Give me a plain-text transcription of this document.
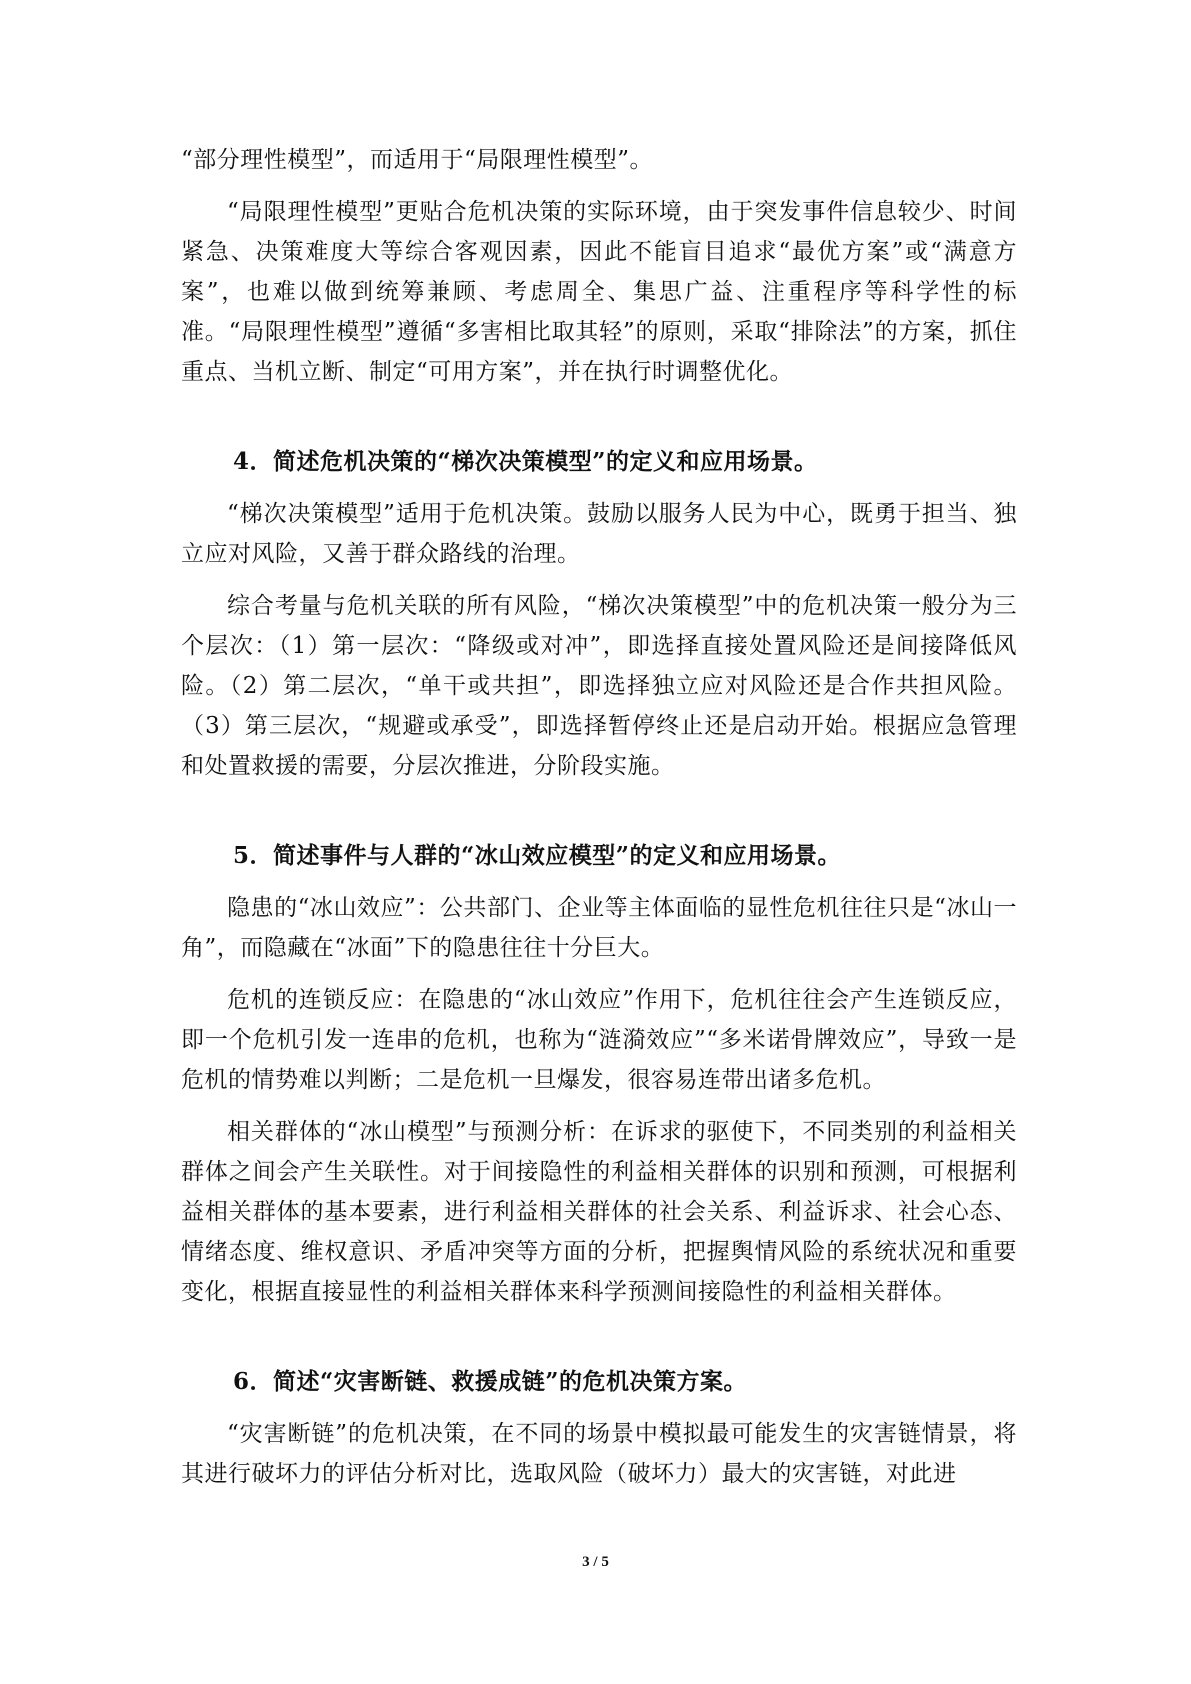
“部分理性模型”，而适用于“局限理性模型”。

“局限理性模型”更贴合危机决策的实际环境，由于突发事件信息较少、时间紧急、决策难度大等综合客观因素，因此不能盲目追求“最优方案”或“满意方案”，也难以做到统筹兼顾、考虑周全、集思广益、注重程序等科学性的标准。“局限理性模型”遵循“多害相比取其轻”的原则，采取“排除法”的方案，抓住重点、当机立断、制定“可用方案”，并在执行时调整优化。

4．简述危机决策的“梯次决策模型”的定义和应用场景。

“梯次决策模型”适用于危机决策。鼓励以服务人民为中心，既勇于担当、独立应对风险，又善于群众路线的治理。

综合考量与危机关联的所有风险，“梯次决策模型”中的危机决策一般分为三个层次：（1）第一层次：“降级或对冲”，即选择直接处置风险还是间接降低风险。（2）第二层次，“单干或共担”，即选择独立应对风险还是合作共担风险。（3）第三层次，“规避或承受”，即选择暂停终止还是启动开始。根据应急管理和处置救援的需要，分层次推进，分阶段实施。

5．简述事件与人群的“冰山效应模型”的定义和应用场景。

隐患的“冰山效应”：公共部门、企业等主体面临的显性危机往往只是“冰山一角”，而隐藏在“冰面”下的隐患往往十分巨大。

危机的连锁反应：在隐患的“冰山效应”作用下，危机往往会产生连锁反应，即一个危机引发一连串的危机，也称为“涟漪效应”“多米诺骨牌效应”，导致一是危机的情势难以判断；二是危机一旦爆发，很容易连带出诸多危机。

相关群体的“冰山模型”与预测分析：在诉求的驱使下，不同类别的利益相关群体之间会产生关联性。对于间接隐性的利益相关群体的识别和预测，可根据利益相关群体的基本要素，进行利益相关群体的社会关系、利益诉求、社会心态、情绪态度、维权意识、矛盾冲突等方面的分析，把握舆情风险的系统状况和重要变化，根据直接显性的利益相关群体来科学预测间接隐性的利益相关群体。

6．简述“灾害断链、救援成链”的危机决策方案。

“灾害断链”的危机决策，在不同的场景中模拟最可能发生的灾害链情景，将其进行破坏力的评估分析对比，选取风险（破坏力）最大的灾害链，对此进

3 / 5
